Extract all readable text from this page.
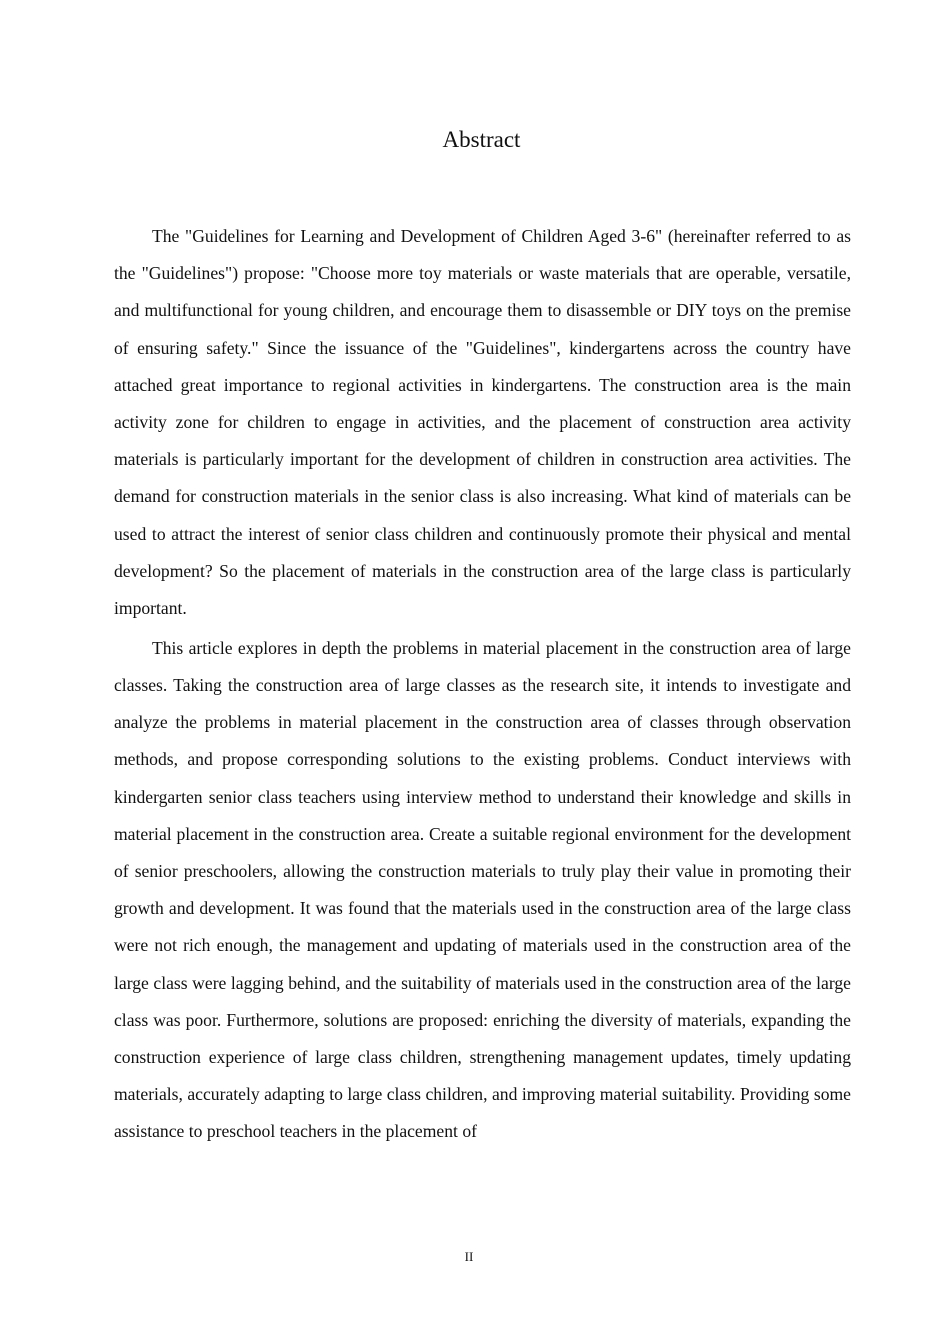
Abstract

The "Guidelines for Learning and Development of Children Aged 3-6" (hereinafter referred to as the "Guidelines") propose: "Choose more toy materials or waste materials that are operable, versatile, and multifunctional for young children, and encourage them to disassemble or DIY toys on the premise of ensuring safety." Since the issuance of the "Guidelines", kindergartens across the country have attached great importance to regional activities in kindergartens. The construction area is the main activity zone for children to engage in activities, and the placement of construction area activity materials is particularly important for the development of children in construction area activities. The demand for construction materials in the senior class is also increasing. What kind of materials can be used to attract the interest of senior class children and continuously promote their physical and mental development? So the placement of materials in the construction area of the large class is particularly important.

This article explores in depth the problems in material placement in the construction area of large classes. Taking the construction area of large classes as the research site, it intends to investigate and analyze the problems in material placement in the construction area of classes through observation methods, and propose corresponding solutions to the existing problems. Conduct interviews with kindergarten senior class teachers using interview method to understand their knowledge and skills in material placement in the construction area. Create a suitable regional environment for the development of senior preschoolers, allowing the construction materials to truly play their value in promoting their growth and development. It was found that the materials used in the construction area of the large class were not rich enough, the management and updating of materials used in the construction area of the large class were lagging behind, and the suitability of materials used in the construction area of the large class was poor. Furthermore, solutions are proposed: enriching the diversity of materials, expanding the construction experience of large class children, strengthening management updates, timely updating materials, accurately adapting to large class children, and improving material suitability. Providing some assistance to preschool teachers in the placement of

II
